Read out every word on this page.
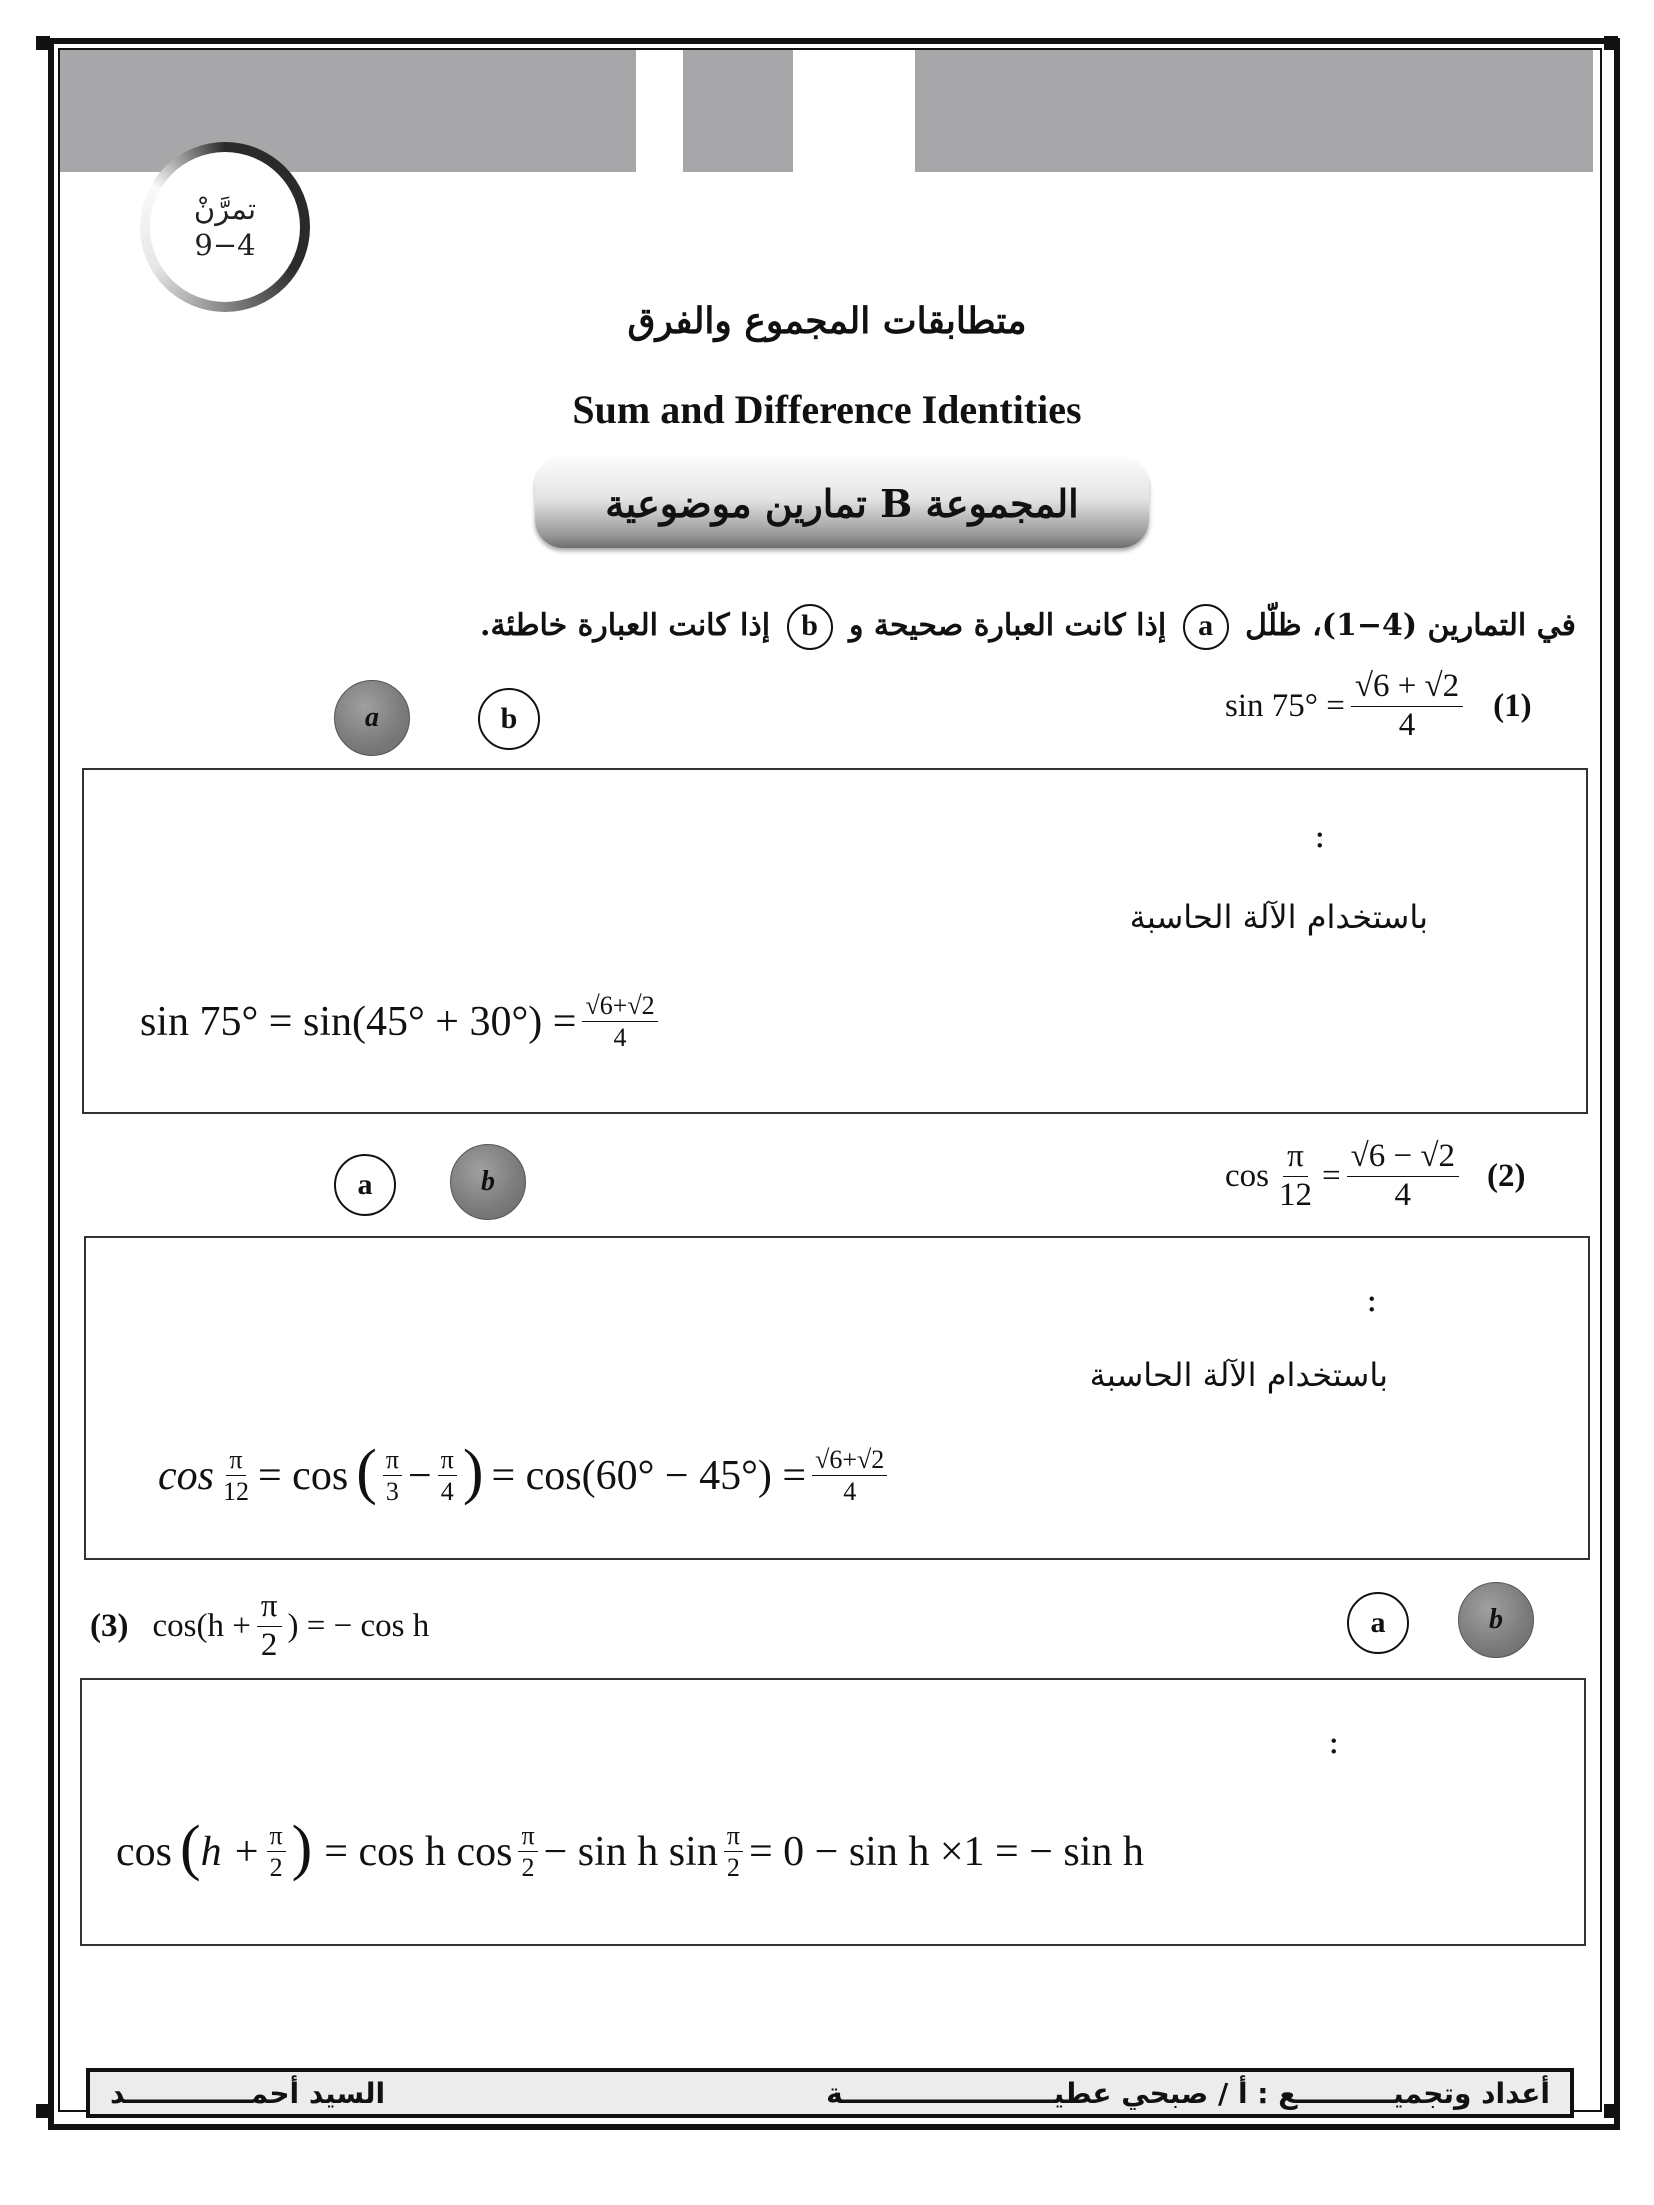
تمرَّنْ
9−4
متطابقات المجموع والفرق
Sum and Difference Identities
المجموعة B تمارين موضوعية
في التمارين (4−1)، ظلّل a إذا كانت العبارة صحيحة و b إذا كانت العبارة خاطئة.
a	b	$\sin 75^\circ = \frac{√6 + √2}{4} (1)$
:
باستخدام الآلة الحاسبة
$\sin 75^\circ = \sin(45^\circ + 30^\circ) = \frac{√6+√2}{4}$
a	b	$\cos \frac{\pi}{12} = \frac{√6 - √2}{4} (2)$
:
باستخدام الآلة الحاسبة
$\cos \frac{\pi}{12} = \cos$ ( $\frac{\pi}{3} - \frac{\pi}{4}$ ) = $\cos(60^\circ - 45^\circ) = \frac{√6+√2}{4}$
(3) $\cos(h + \frac{\pi}{2}$ ) = − cos h	a	b
:
cos ( $h + \frac{\pi}{2}$ ) = cos h $\cos \frac{\pi}{2} - \sin h$ $\sin \frac{\pi}{2} = 0 - \sin h \times 1$ = − sin h
أعداد وتجميــــــــــع : أ / صبحي عطيــــــــــــــــــــــة
السيد أحمـــــــــــــد
